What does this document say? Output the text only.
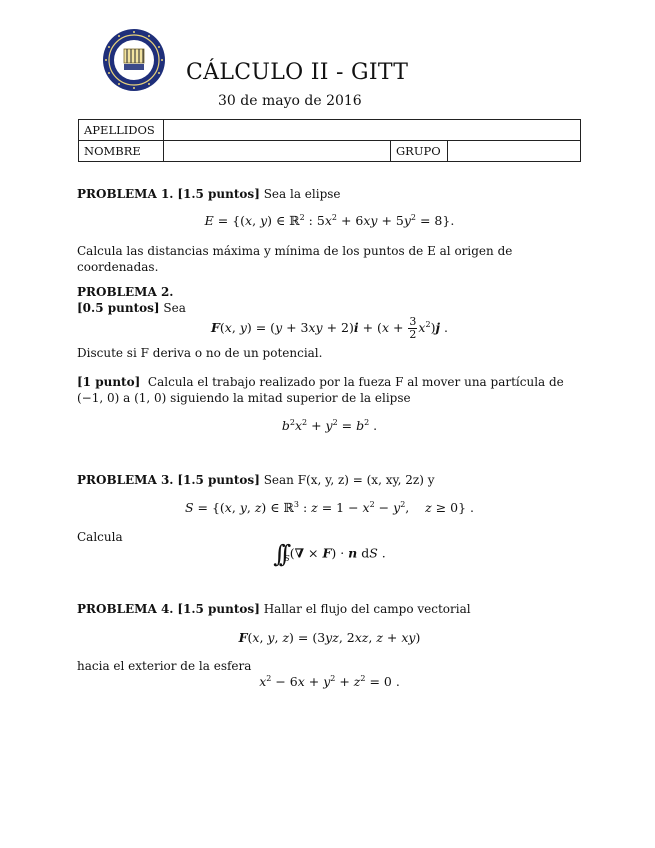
CÁLCULO II - GITT
30 de mayo de 2016
APELLIDOS			
NOMBRE		GRUPO	
PROBLEMA 1. [1.5 puntos] Sea la elipse
E = {(x, y) ∈ ℝ$^2$ : $5x^2 + 6xy + 5y^2 = 8$}.
Calcula las distancias máxima y mínima de los puntos de E al origen de coordenadas.
PROBLEMA 2.
[0.5 puntos] Sea
F(x, $y) = (y + 3xy + 2)i + (x + \frac{3}{2} x^2)j$ .
Discute si F deriva o no de un potencial.
[1 punto] Calcula el trabajo realizado por la fueza F al mover una partícula de (−1, 0) a (1, 0) siguiendo la mitad superior de la elipse
$b^2x^2 + y^2 = b^2$ .
PROBLEMA 3. [1.5 puntos] Sean F(x, y, z) = (x, xy, 2z) y
S = {(x, y, z) ∈ ℝ$^3$ : $z = 1 - x^2 - y^2$,    z ≥ 0} .
Calcula
$\int\int_S(\nabla \times F) \cdot n$ dS .
PROBLEMA 4. [1.5 puntos] Hallar el flujo del campo vectorial
F(x, y, z) = (3yz, 2xz, z + xy)
hacia el exterior de la esfera
$x^2 - 6x + y^2 + z^2 = 0$ .
